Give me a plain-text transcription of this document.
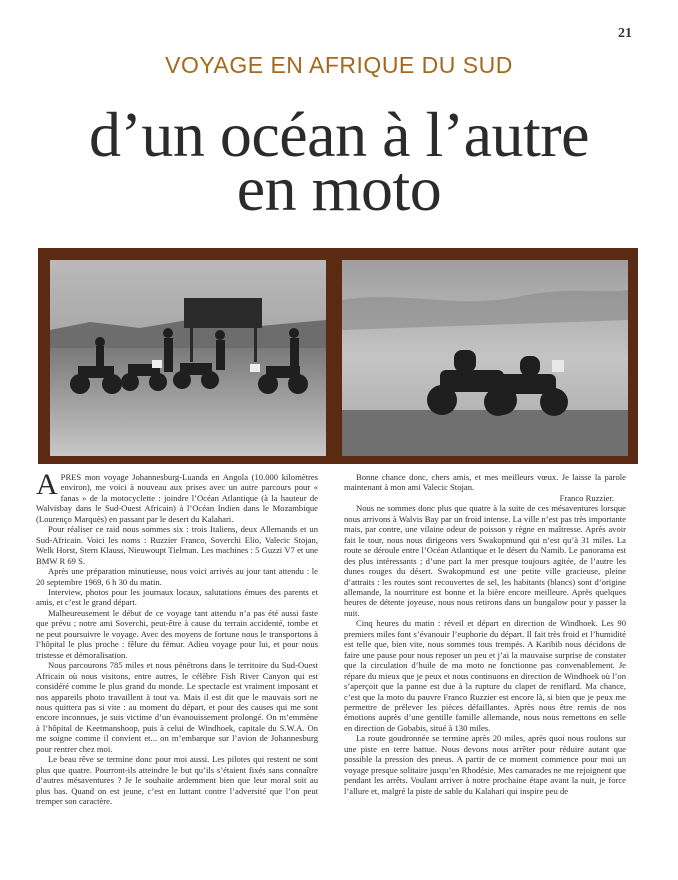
21
VOYAGE EN AFRIQUE DU SUD
d’un océan à l’autre
en moto

APRES mon voyage Johannesburg-Luanda en Angola (10.000 kilomètres environ), me voici à nouveau aux prises avec un autre parcours pour « fanas » de la motocyclette : joindre l’Océan Atlantique (à la hauteur de Walvisbay dans le Sud-Ouest Africain) à l’Océan Indien dans le Mozambique (Lourenço Marquès) en passant par le desert du Kalahari.

Pour réaliser ce raid nous sommes six : trois Italiens, deux Allemands et un Sud-Africain. Voici les noms : Ruzzier Franco, Soverchi Elio, Valecic Stojan, Welk Horst, Stern Klauss, Nieuwoupt Tielman. Les machines : 5 Guzzi V7 et une BMW R 69 S.

Après une préparation minutieuse, nous voici arrivés au jour tant attendu : le 20 septembre 1969, 6 h 30 du matin.

Interview, photos pour les journaux locaux, salutations émues des parents et amis, et c’est le grand départ.

Malheureusement le début de ce voyage tant attendu n’a pas été aussi faste que prévu ; notre ami Soverchi, peut-être à cause du terrain accidenté, tombe et ne peut poursuivre le voyage. Avec des moyens de fortune nous le transportons à l’hôpital le plus proche : fêlure du fémur. Adieu voyage pour lui, et pour nous tristesse et démoralisation.

Nous parcourons 785 miles et nous pénétrons dans le territoire du Sud-Ouest Africain où nous visitons, entre autres, le célèbre Fish River Canyon qui est considéré comme le plus grand du monde. Le spectacle est vraiment imposant et nos appareils photo travaillent à tout va. Mais il est dit que le mauvais sort ne nous quittera pas si vite : au moment du départ, et pour des causes qui me sont encore inconnues, je suis victime d’un évanouissement prolongé. On m’emmène à l’hôpital de Keetmanshoop, puis à celui de Windhoek, capitale du S.W.A. On me soigne comme il convient et... on m’embarque sur l’avion de Johannesburg pour rentrer chez moi.

Le beau rêve se termine donc pour moi aussi. Les pilotes qui restent ne sont plus que quatre. Pourront-ils atteindre le but qu’ils s’étaient fixés sans connaître d’autres mésaventures ? Je le souhaite ardemment bien que leur moral soit au plus bas. Quand on est jeune, c’est en luttant contre l’adversité que l’on peut tremper son caractère.

Bonne chance donc, chers amis, et mes meilleurs vœux. Je laisse la parole maintenant à mon ami Valecic Stojan.

Franco Ruzzier.

Nous ne sommes donc plus que quatre à la suite de ces mésaventures lorsque nous arrivons à Walvis Bay par un froid intense. La ville n’est pas très importante mais, par contre, une vilaine odeur de poisson y règne en maîtresse. Après avoir fait le tour, nous nous dirigeons vers Swakopmund qui n’est qu’à 31 miles. La route se déroule entre l’Océan Atlantique et le désert du Namib. Le panorama est des plus intéressants ; d’une part la mer presque toujours agitée, de l’autre les dunes rouges du désert. Swakopmund est une petite ville gracieuse, pleine d’attraits : les routes sont recouvertes de sel, les habitants (blancs) sont d’origine allemande, la nourriture est bonne et la bière encore meilleure. Après quelques heures de détente joyeuse, nous nous retirons dans un bungalow pour y passer la nuit.

Cinq heures du matin : réveil et départ en direction de Windhoek. Les 90 premiers miles font s’évanouir l’euphorie du départ. Il fait très froid et l’humidité est telle que, bien vite, nous sommes tous trempés. A Karibib nous décidons de faire une pause pour nous reposer un peu et j’ai la mauvaise surprise de constater que la circulation d’huile de ma moto ne fonctionne pas convenablement. Je répare du mieux que je peux et nous continuons en direction de Windhoek où l’on s’aperçoit que la panne est due à la rupture du clapet de reniflard. Ma chance, c’est que la moto du pauvre Franco Ruzzier est encore là, si bien que je peux me permettre de prélever les pièces défaillantes. Après nous être remis de nos émotions auprès d’une gentille famille allemande, nous nous remettons en selle en direction de Gobabis, situé à 130 miles.

La route goudronnée se termine après 20 miles, après quoi nous roulons sur une piste en terre battue. Nous devons nous arrêter pour réduire autant que possible la pression des pneus. A partir de ce moment commence pour moi un voyage presque solitaire jusqu’en Rhodésie. Mes camarades ne me rejoignent que pendant les arrêts. Voulant arriver à notre prochaine étape avant la nuit, je force l’allure et, malgré la piste de sable du Kalahari qui inspire peu de
